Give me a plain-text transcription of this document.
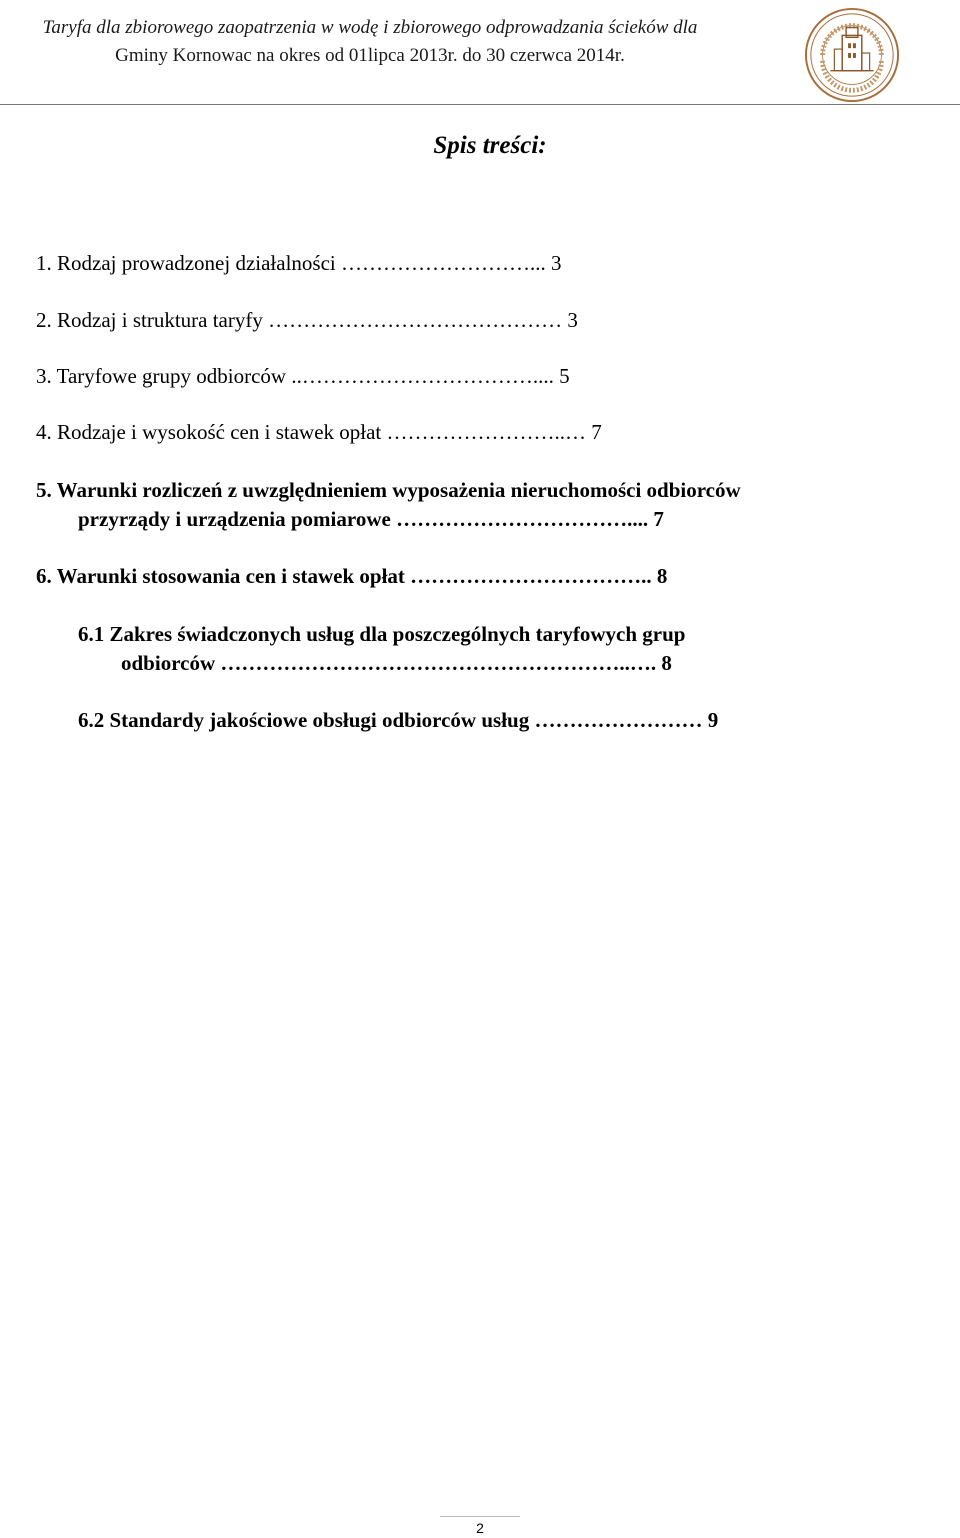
Taryfa dla zbiorowego zaopatrzenia w wodę i zbiorowego odprowadzania ścieków dla
Gminy Kornowac na okres od 01lipca 2013r. do 30 czerwca 2014r.
Spis treści:
1. Rodzaj prowadzonej działalności ………………………... 3
2. Rodzaj i struktura taryfy …………………………………… 3
3. Taryfowe grupy odbiorców ..…………………………….... 5
4. Rodzaje i wysokość cen i stawek opłat ……………………..… 7
5. Warunki rozliczeń z uwzględnieniem wyposażenia nieruchomości odbiorców
przyrządy i urządzenia pomiarowe …………………………….... 7
6. Warunki stosowania cen i stawek opłat …………………………….. 8
6.1 Zakres świadczonych usług dla poszczególnych taryfowych grup
odbiorców …………………………………………………..…. 8
6.2 Standardy jakościowe obsługi odbiorców usług …………………… 9
2
